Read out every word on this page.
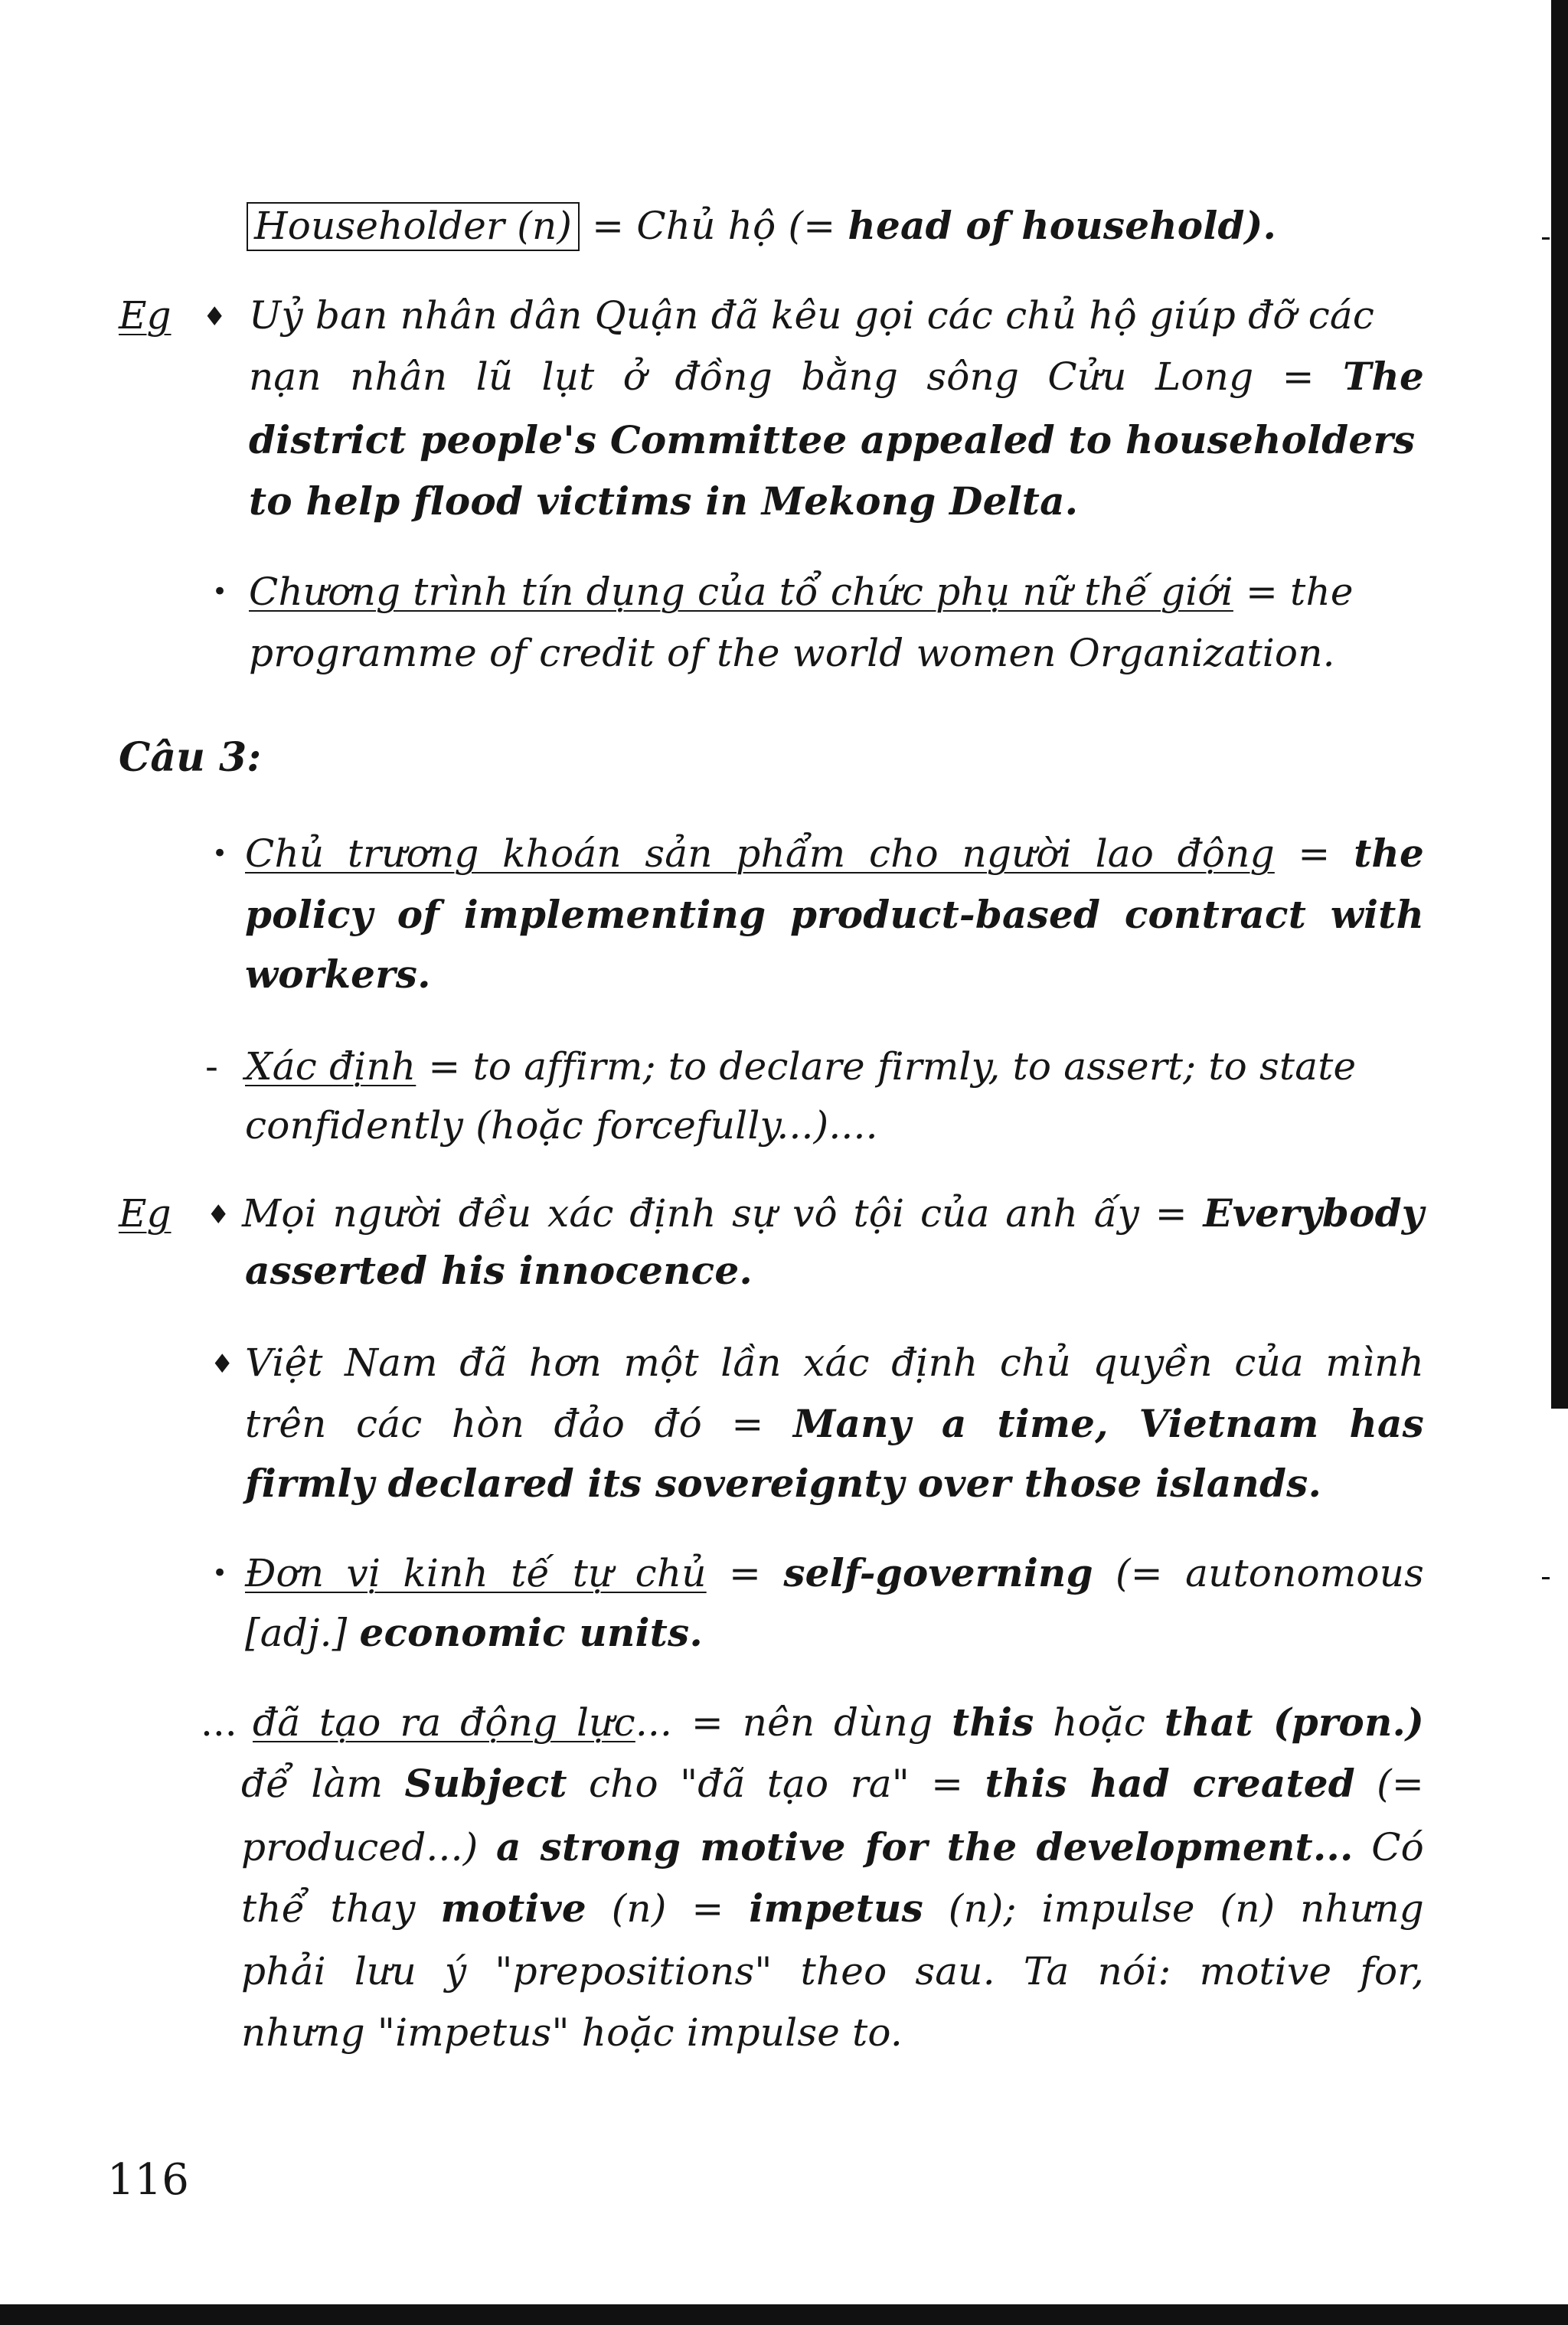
Householder (n) = Chủ hộ (= head of household).
Eg ♦ Uỷ ban nhân dân Quận đã kêu gọi các chủ hộ giúp đỡ các
nạn nhân lũ lụt ở đồng bằng sông Cửu Long = The
district people's Committee appealed to householders
to help flood victims in Mekong Delta.
• Chương trình tín dụng của tổ chức phụ nữ thế giới = the
programme of credit of the world women Organization.
Câu 3:
• Chủ trương khoán sản phẩm cho người lao động = the
policy of implementing product-based contract with
workers.
- Xác định = to affirm; to declare firmly, to assert; to state
confidently (hoặc forcefully...)....
Eg ♦ Mọi người đều xác định sự vô tội của anh ấy = Everybody
asserted his innocence.
♦ Việt Nam đã hơn một lần xác định chủ quyền của mình
trên các hòn đảo đó = Many a time, Vietnam has
firmly declared its sovereignty over those islands.
• Đơn vị kinh tế tự chủ = self-governing (= autonomous
[adj.] economic units.
... đã tạo ra động lực... = nên dùng this hoặc that (pron.)
để làm Subject cho "đã tạo ra" = this had created (=
produced...) a strong motive for the development... Có
thể thay motive (n) = impetus (n); impulse (n) nhưng
phải lưu ý "prepositions" theo sau. Ta nói: motive for,
nhưng "impetus" hoặc impulse to.
116
